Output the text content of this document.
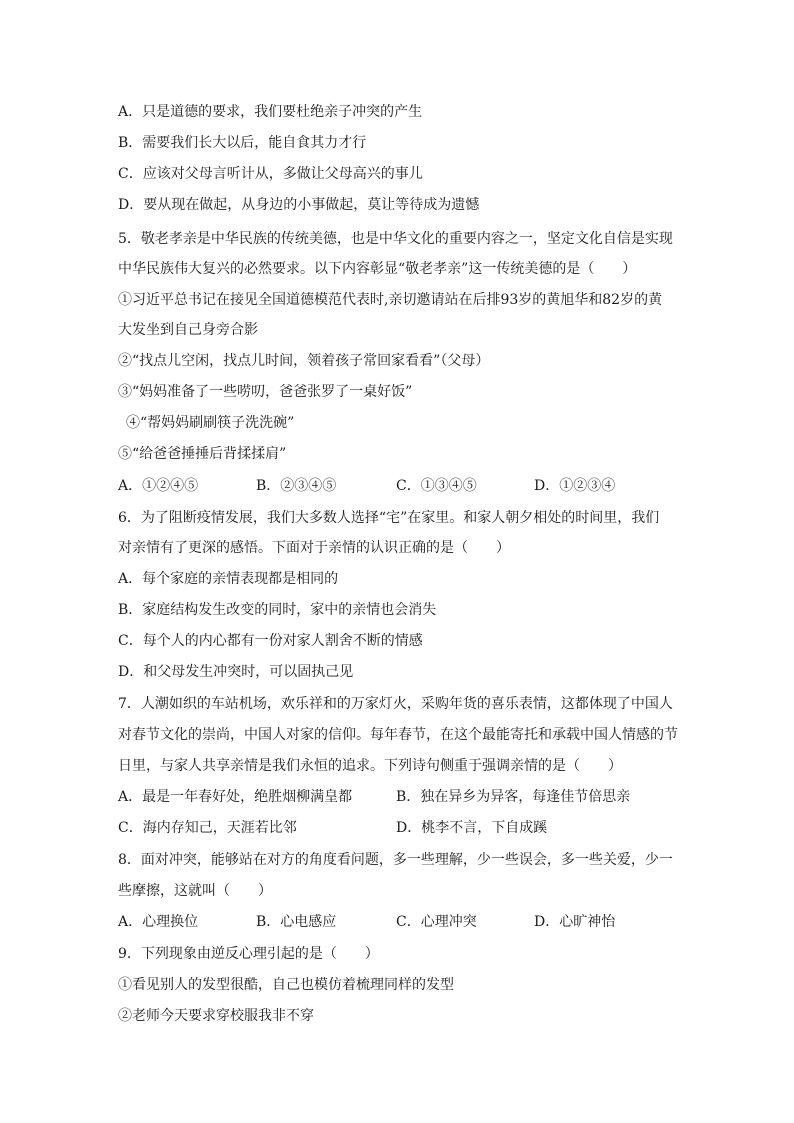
A．只是道德的要求，我们要杜绝亲子冲突的产生
B．需要我们长大以后，能自食其力才行
C．应该对父母言听计从，多做让父母高兴的事儿
D．要从现在做起，从身边的小事做起，莫让等待成为遗憾
5．敬老孝亲是中华民族的传统美德，也是中华文化的重要内容之一，坚定文化自信是实现
中华民族伟大复兴的必然要求。以下内容彰显“敬老孝亲”这一传统美德的是（　　）
①习近平总书记在接见全国道德模范代表时,亲切邀请站在后排93岁的黄旭华和82岁的黄
大发坐到自己身旁合影
②“找点儿空闲，找点儿时间，领着孩子常回家看看”（父母）
③“妈妈准备了一些唠叨，爸爸张罗了一桌好饭”
④“帮妈妈刷刷筷子洗洗碗”
⑤“给爸爸捶捶后背揉揉肩”
A．①②④⑤	B．②③④⑤	C．①③④⑤	D．①②③④
6．为了阻断疫情发展，我们大多数人选择“宅”在家里。和家人朝夕相处的时间里，我们
对亲情有了更深的感悟。下面对于亲情的认识正确的是（　　）
A．每个家庭的亲情表现都是相同的
B．家庭结构发生改变的同时，家中的亲情也会消失
C．每个人的内心都有一份对家人割舍不断的情感
D．和父母发生冲突时，可以固执己见
7．人潮如织的车站机场，欢乐祥和的万家灯火，采购年货的喜乐表情，这都体现了中国人
对春节文化的崇尚，中国人对家的信仰。每年春节，在这个最能寄托和承载中国人情感的节
日里，与家人共享亲情是我们永恒的追求。下列诗句侧重于强调亲情的是（　　）
A．最是一年春好处，绝胜烟柳满皇都	B．独在异乡为异客，每逢佳节倍思亲
C．海内存知己，天涯若比邻	D．桃李不言，下自成蹊
8．面对冲突，能够站在对方的角度看问题，多一些理解，少一些误会，多一些关爱，少一
些摩擦，这就叫（　　）
A．心理换位	B．心电感应	C．心理冲突	D．心旷神怡
9．下列现象由逆反心理引起的是（　　）
①看见别人的发型很酷，自己也模仿着梳理同样的发型
②老师今天要求穿校服我非不穿
